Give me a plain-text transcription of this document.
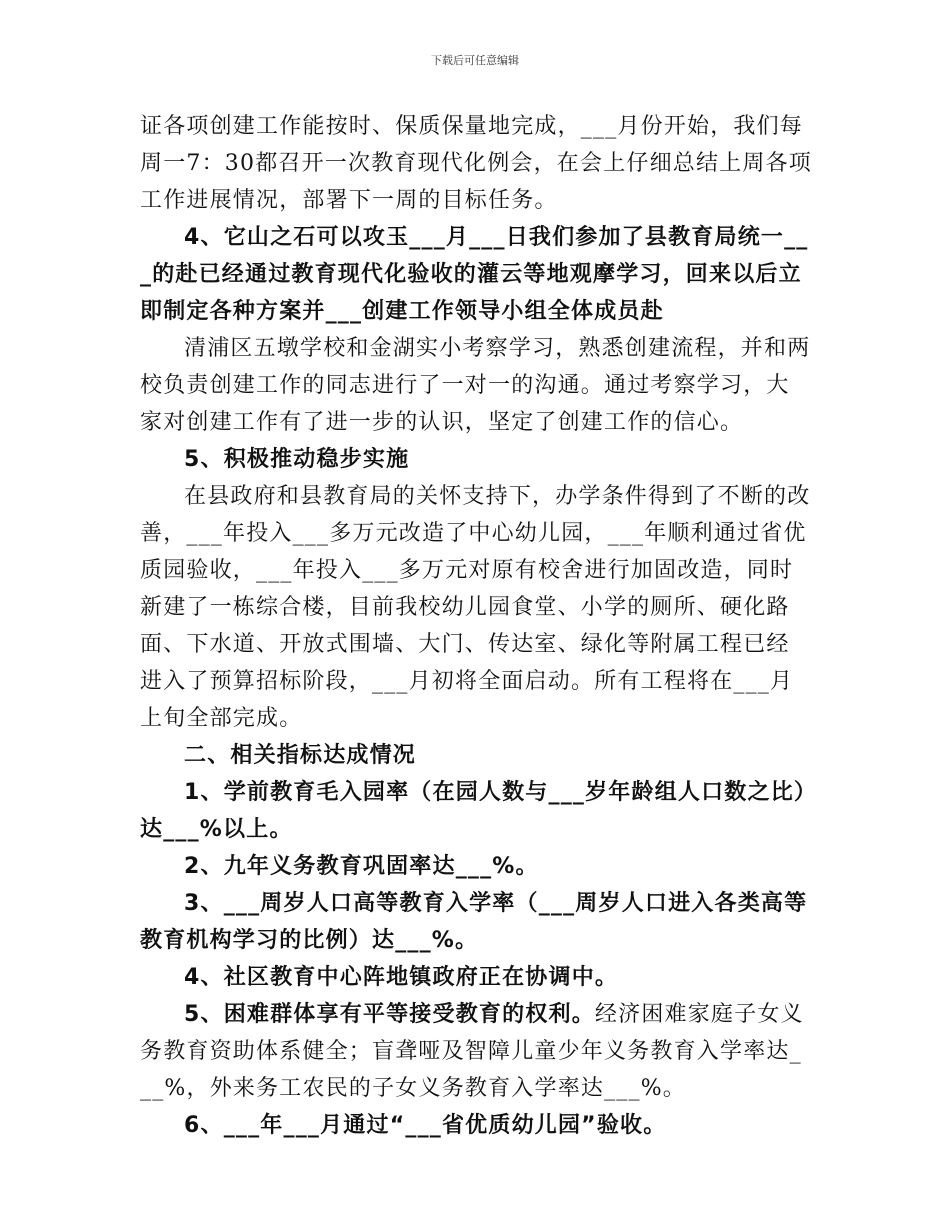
下载后可任意编辑

证各项创建工作能按时、保质保量地完成，___月份开始，我们每周一7：30都召开一次教育现代化例会，在会上仔细总结上周各项工作进展情况，部署下一周的目标任务。

4、它山之石可以攻玉___月___日我们参加了县教育局统一___的赴已经通过教育现代化验收的灌云等地观摩学习，回来以后立即制定各种方案并___创建工作领导小组全体成员赴

清浦区五墩学校和金湖实小考察学习，熟悉创建流程，并和两校负责创建工作的同志进行了一对一的沟通。通过考察学习，大家对创建工作有了进一步的认识，坚定了创建工作的信心。

5、积极推动稳步实施

在县政府和县教育局的关怀支持下，办学条件得到了不断的改善，___年投入___多万元改造了中心幼儿园，___年顺利通过省优质园验收，___年投入___多万元对原有校舍进行加固改造，同时新建了一栋综合楼，目前我校幼儿园食堂、小学的厕所、硬化路面、下水道、开放式围墙、大门、传达室、绿化等附属工程已经进入了预算招标阶段，___月初将全面启动。所有工程将在___月上旬全部完成。

二、相关指标达成情况

1、学前教育毛入园率（在园人数与___岁年龄组人口数之比）达___%以上。

2、九年义务教育巩固率达___%。

3、___周岁人口高等教育入学率（___周岁人口进入各类高等教育机构学习的比例）达___%。

4、社区教育中心阵地镇政府正在协调中。

5、困难群体享有平等接受教育的权利。经济困难家庭子女义务教育资助体系健全；盲聋哑及智障儿童少年义务教育入学率达___%，外来务工农民的子女义务教育入学率达___%。

6、___年___月通过“___省优质幼儿园”验收。
